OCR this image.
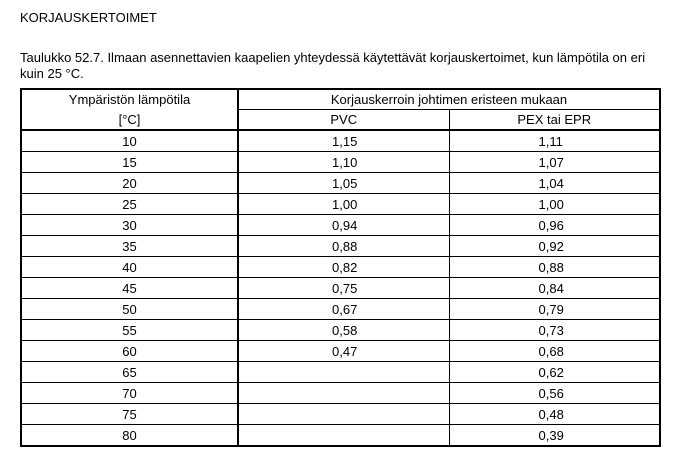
KORJAUSKERTOIMET
Taulukko 52.7. Ilmaan asennettavien kaapelien yhteydessä käytettävät korjauskertoimet, kun lämpötila on eri kuin 25 °C.
Ympäristön lämpötila	Korjauskerroin johtimen eristeen mukaan	
[°C]	PVC	PEX tai EPR
10	1,15	1,11
15	1,10	1,07
20	1,05	1,04
25	1,00	1,00
30	0,94	0,96
35	0,88	0,92
40	0,82	0,88
45	0,75	0,84
50	0,67	0,79
55	0,58	0,73
60	0,47	0,68
65		0,62
70		0,56
75		0,48
80		0,39
